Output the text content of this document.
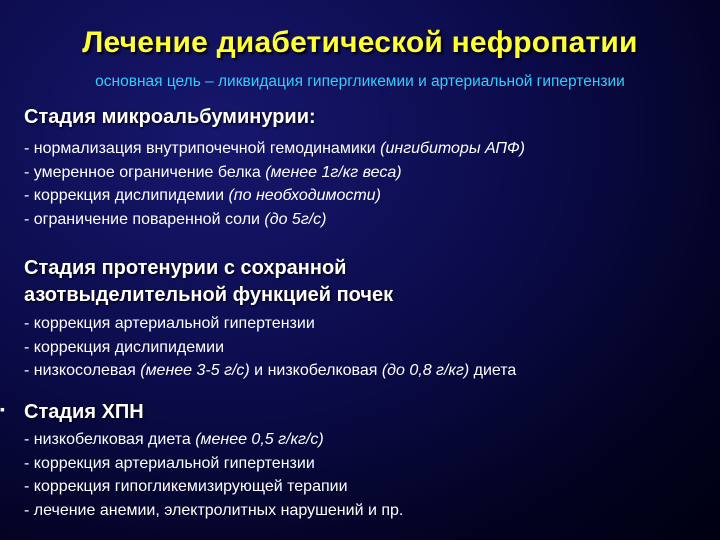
Лечение диабетической нефропатии
основная цель – ликвидация гипергликемии и артериальной гипертензии
Стадия микроальбуминурии:
- нормализация внутрипочечной гемодинамики (ингибиторы АПФ)
- умеренное ограничение белка (менее 1г/кг веса)
- коррекция дислипидемии (по необходимости)
- ограничение поваренной соли (до 5г/с)
Стадия протенурии с сохранной
азотвыделительной функцией почек
- коррекция артериальной гипертензии
- коррекция дислипидемии
- низкосолевая (менее 3-5 г/с) и низкобелковая (до 0,8 г/кг) диета
▪ Стадия ХПН
- низкобелковая диета (менее 0,5 г/кг/с)
- коррекция артериальной гипертензии
- коррекция гипогликемизирующей терапии
- лечение анемии, электролитных нарушений и пр.
